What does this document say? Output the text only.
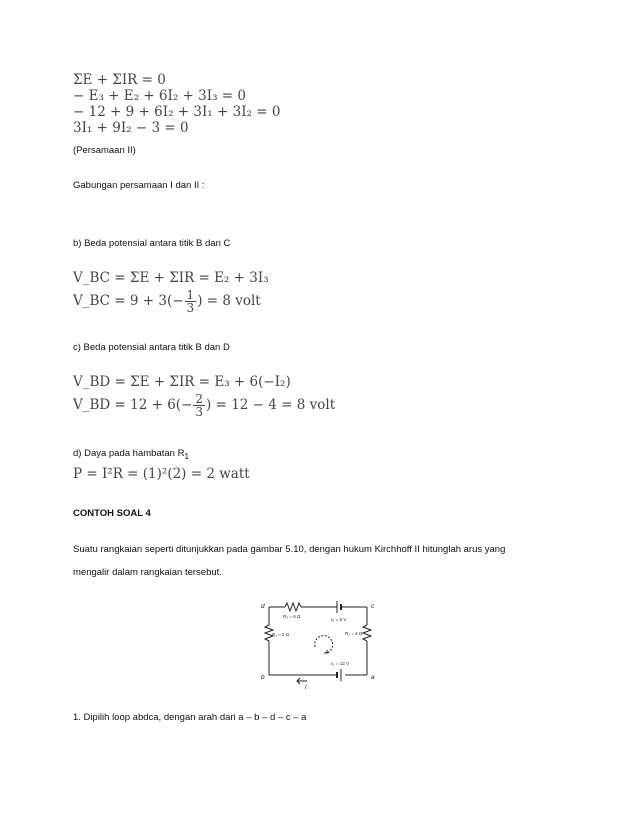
ΣE + ΣIR = 0
− E₃ + E₂ + 6I₂ + 3I₃ = 0
− 12 + 9 + 6I₂ + 3I₁ + 3I₂ = 0
3I₁ + 9I₂ − 3 = 0
(Persamaan II)
Gabungan persamaan I dan II :
b) Beda potensial antara titik B dan C
V_BC = ΣE + ΣIR = E₂ + 3I₃
V_BC = $9 + 3(- \frac{1}{3}$ ) = 8 volt
c) Beda potensial antara titik B dan D
V_BD = ΣE + ΣIR = E₃ + 6(−I₂)
V_BD = $12 + 6(- \frac{2}{3}$ ) = 12 − 4 = 8 volt
d) Daya pada hambatan $R_1$
P = I²R = (1)²(2) = 2 watt
CONTOH SOAL 4
Suatu rangkaian seperti ditunjukkan pada gambar 5.10, dengan hukum Kirchhoff II hitunglah arus yang
mengalir dalam rangkaian tersebut.
d	c
b	a
R₃ = 6 Ω
R₁ = 2 Ω	R₂ = 4 Ω
ε₁ = 6 V
ε₂ = 12 V
I
1. Dipilih loop abdca, dengan arah dari a – b – d – c – a
